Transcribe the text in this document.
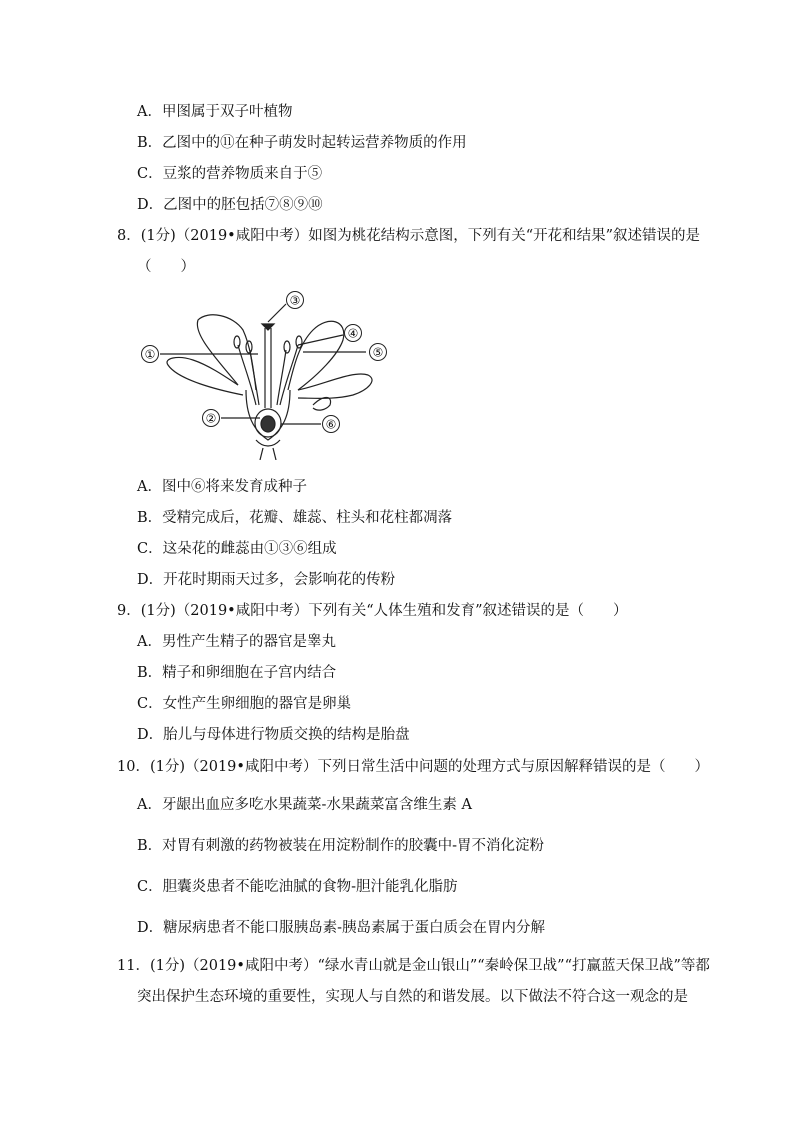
A．甲图属于双子叶植物
B．乙图中的⑪在种子萌发时起转运营养物质的作用
C．豆浆的营养物质来自于⑤
D．乙图中的胚包括⑦⑧⑨⑩
8．(1分)（2019•咸阳中考）如图为桃花结构示意图，下列有关“开花和结果”叙述错误的是
（　　）
①
②
③
④
⑤
⑥
A．图中⑥将来发育成种子
B．受精完成后，花瓣、雄蕊、柱头和花柱都凋落
C．这朵花的雌蕊由①③⑥组成
D．开花时期雨天过多，会影响花的传粉
9．(1分)（2019•咸阳中考）下列有关“人体生殖和发育”叙述错误的是（　　）
A．男性产生精子的器官是睾丸
B．精子和卵细胞在子宫内结合
C．女性产生卵细胞的器官是卵巢
D．胎儿与母体进行物质交换的结构是胎盘
10．(1分)（2019•咸阳中考）下列日常生活中问题的处理方式与原因解释错误的是（　　）
A．牙龈出血应多吃水果蔬菜-水果蔬菜富含维生素 A
B．对胃有刺激的药物被装在用淀粉制作的胶囊中-胃不消化淀粉
C．胆囊炎患者不能吃油腻的食物-胆汁能乳化脂肪
D．糖尿病患者不能口服胰岛素-胰岛素属于蛋白质会在胃内分解
11．(1分)（2019•咸阳中考）“绿水青山就是金山银山”“秦岭保卫战”“打赢蓝天保卫战”等都
突出保护生态环境的重要性，实现人与自然的和谐发展。以下做法不符合这一观念的是
